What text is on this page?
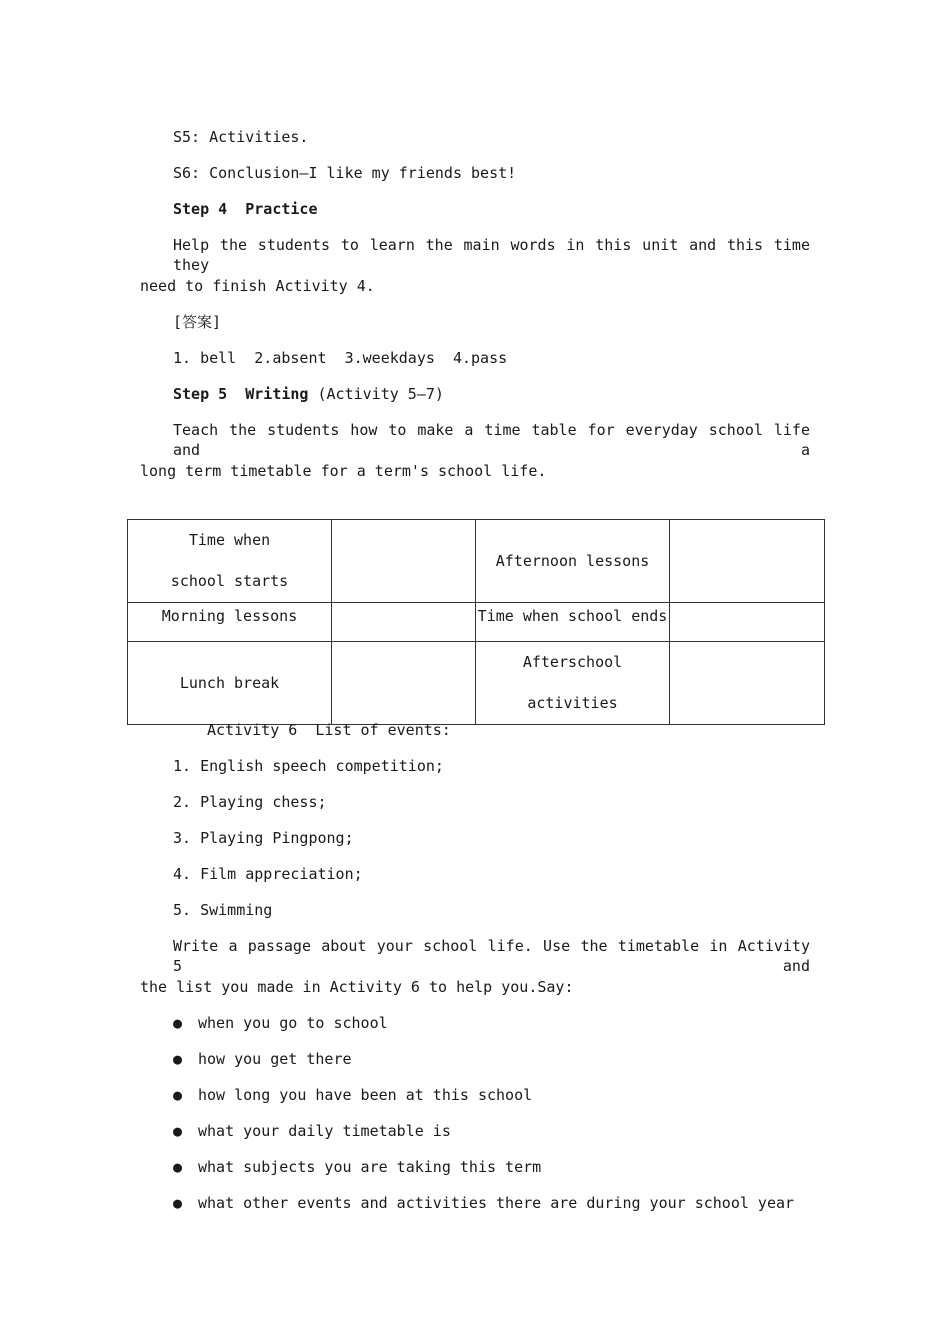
S5: Activities.
S6: Conclusion—I like my friends best!
Step 4  Practice
Help the students to learn the main words in this unit and this time they
need to finish Activity 4.
[答案]
1. bell  2.absent  3.weekdays  4.pass
Step 5  Writing (Activity 5—7)
Teach the students how to make a time table for everyday school life and a
long term timetable for a term's school life.
Time when school starts		Afternoon lessons	
Morning lessons		Time when school ends	
Lunch break		Afterschool activities	

Activity 6  List of events:
1. English speech competition;
2. Playing chess;
3. Playing Pingpong;
4. Film appreciation;
5. Swimming
Write a passage about your school life. Use the timetable in Activity 5 and
the list you made in Activity 6 to help you.Say:
● when you go to school
● how you get there
● how long you have been at this school
● what your daily timetable is
● what subjects you are taking this term
● what other events and activities there are during your school year
